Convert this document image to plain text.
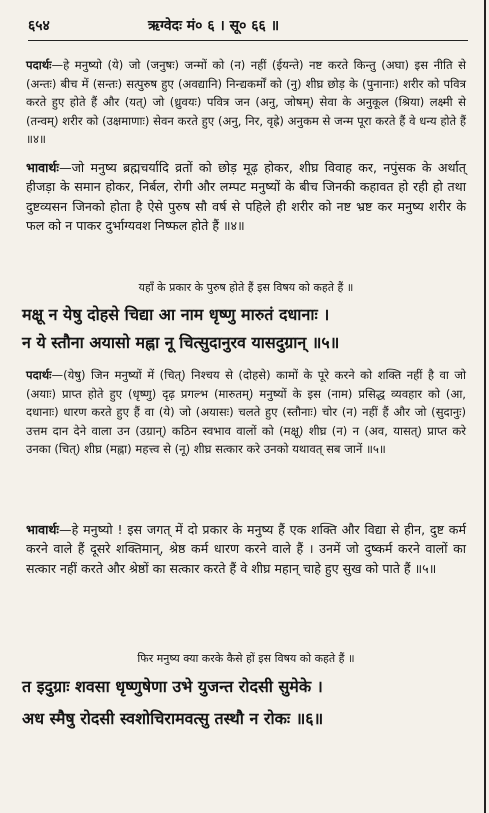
६५४	ऋग्वेदः मं० ६ । सू० ६६ ॥

पदार्थः—हे मनुष्यो (ये) जो (जनुषः) जन्मों को (न) नहीं (ईयन्ते) नष्ट करते किन्तु (अघा) इस नीति से (अन्तः) बीच में (सन्तः) सत्पुरुष हुए (अवद्यानि) निन्द्यकर्मों को (नु) शीघ्र छोड़ के (पुनानाः) शरीर को पवित्र करते हुए होते हैं और (यत्) जो (ध्रुवयः) पवित्र जन (अनु, जोषम्) सेवा के अनुकूल (श्रिया) लक्ष्मी से (तन्वम्) शरीर को (उक्षमाणाः) सेवन करते हुए (अनु, निर, वृह्रे) अनुकम से जन्म पूरा करते हैं वे धन्य होते हैं ॥४॥

भावार्थः—जो मनुष्य ब्रह्मचर्यादि व्रतों को छोड़ मूढ़ होकर, शीघ्र विवाह कर, नपुंसक के अर्थात् हीजड़ा के समान होकर, निर्बल, रोगी और लम्पट मनुष्यों के बीच जिनकी कहावत हो रही हो तथा दुष्टव्यसन जिनको होता है ऐसे पुरुष सौ वर्ष से पहिले ही शरीर को नष्ट भ्रष्ट कर मनुष्य शरीर के फल को न पाकर दुर्भाग्यवश निष्फल होते हैं ॥४॥

यहाँ के प्रकार के पुरुष होते हैं इस विषय को कहते हैं ॥
मक्षू न येषु दोहसे चिद्या आ नाम धृष्णु मारुतं दधानाः ।
न ये स्तौना अयासो मह्ना नू चित्सुदानुरव यासदुग्रान् ॥५॥

पदार्थः—(येषु) जिन मनुष्यों में (चित्) निश्चय से (दोहसे) कामों के पूरे करने को शक्ति नहीं है वा जो (अयाः) प्राप्त होते हुए (धृष्णु) दृढ़ प्रगल्भ (मारुतम्) मनुष्यों के इस (नाम) प्रसिद्ध व्यवहार को (आ, दधानाः) धारण करते हुए हैं वा (ये) जो (अयासः) चलते हुए (स्तौनाः) चोर (न) नहीं हैं और जो (सुदानुः) उत्तम दान देने वाला उन (उग्रान्) कठिन स्वभाव वालों को (मक्षू) शीघ्र (न) न (अव, यासत्) प्राप्त करे उनका (चित्) शीघ्र (मह्ना) महत्त्व से (नू) शीघ्र सत्कार करे उनको यथावत् सब जानें ॥५॥

भावार्थः—हे मनुष्यो ! इस जगत् में दो प्रकार के मनुष्य हैं एक शक्ति और विद्या से हीन, दुष्ट कर्म करने वाले हैं दूसरे शक्तिमान्, श्रेष्ठ कर्म धारण करने वाले हैं । उनमें जो दुष्कर्म करने वालों का सत्कार नहीं करते और श्रेष्ठों का सत्कार करते हैं वे शीघ्र महान् चाहे हुए सुख को पाते हैं ॥५॥

फिर मनुष्य क्या करके कैसे हों इस विषय को कहते हैं ॥
त इदुग्राः शवसा धृष्णुषेणा उभे युजन्त रोदसी सुमेके ।
अध स्मैषु रोदसी स्वशोचिरामवत्सु तस्थौ न रोकः ॥६॥
